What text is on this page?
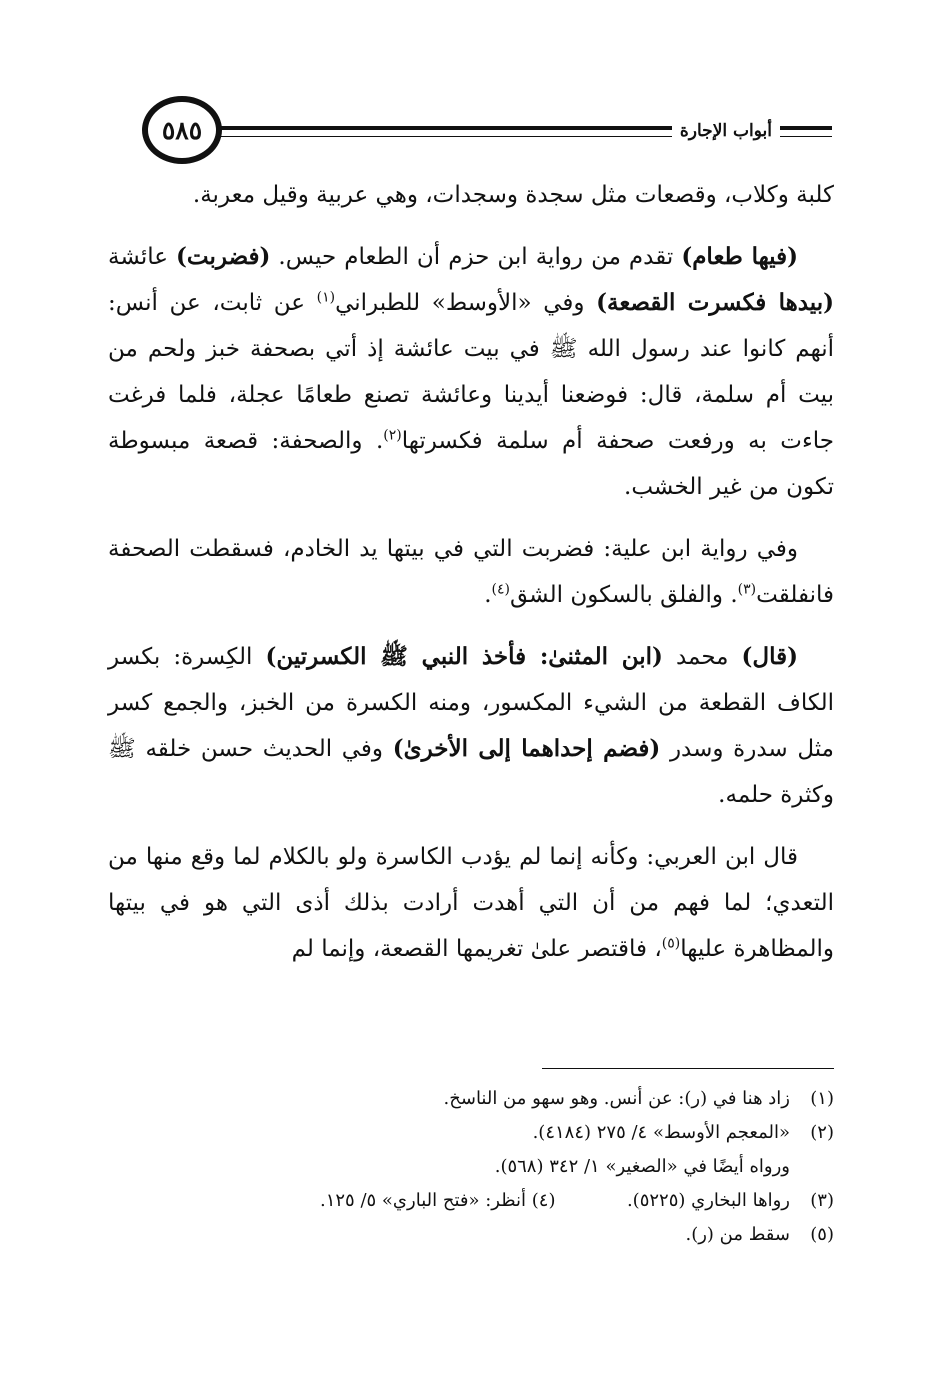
أبواب الإجارة
٥٨٥

كلبة وكلاب، وقصعات مثل سجدة وسجدات، وهي عربية وقيل معربة.

(فيها طعام) تقدم من رواية ابن حزم أن الطعام حيس. (فضربت) عائشة (بيدها فكسرت القصعة) وفي «الأوسط» للطبراني$^{(١)}$ عن ثابت، عن أنس: أنهم كانوا عند رسول الله ﷺ في بيت عائشة إذ أتي بصحفة خبز ولحم من بيت أم سلمة، قال: فوضعنا أيدينا وعائشة تصنع طعامًا عجلة، فلما فرغت جاءت به ورفعت صحفة أم سلمة فكسرتها$^{(٢)}$. والصحفة: قصعة مبسوطة تكون من غير الخشب.

وفي رواية ابن علية: فضربت التي في بيتها يد الخادم، فسقطت الصحفة فانفلقت$^{(٣)}$. والفلق بالسكون الشق$^{(٤)}$.

(قال) محمد (ابن المثنىٰ: فأخذ النبي ﷺ الكسرتين) الكِسرة: بكسر الكاف القطعة من الشيء المكسور، ومنه الكسرة من الخبز، والجمع كسر مثل سدرة وسدر (فضم إحداهما إلى الأخرىٰ) وفي الحديث حسن خلقه ﷺ وكثرة حلمه.

قال ابن العربي: وكأنه إنما لم يؤدب الكاسرة ولو بالكلام لما وقع منها من التعدي؛ لما فهم من أن التي أهدت أرادت بذلك أذى التي هو في بيتها والمظاهرة عليها$^{(٥)}$، فاقتصر علىٰ تغريمها القصعة، وإنما لم

(١)
زاد هنا في (ر): عن أنس. وهو سهو من الناسخ.
(٢)
«المعجم الأوسط» ٤/ ٢٧٥ (٤١٨٤).
ورواه أيضًا في «الصغير» ١/ ٣٤٢ (٥٦٨).
(٣)
رواها البخاري (٥٢٢٥).  (٤) أنظر: «فتح الباري» ٥/ ١٢٥.
(٥)
سقط من (ر).
